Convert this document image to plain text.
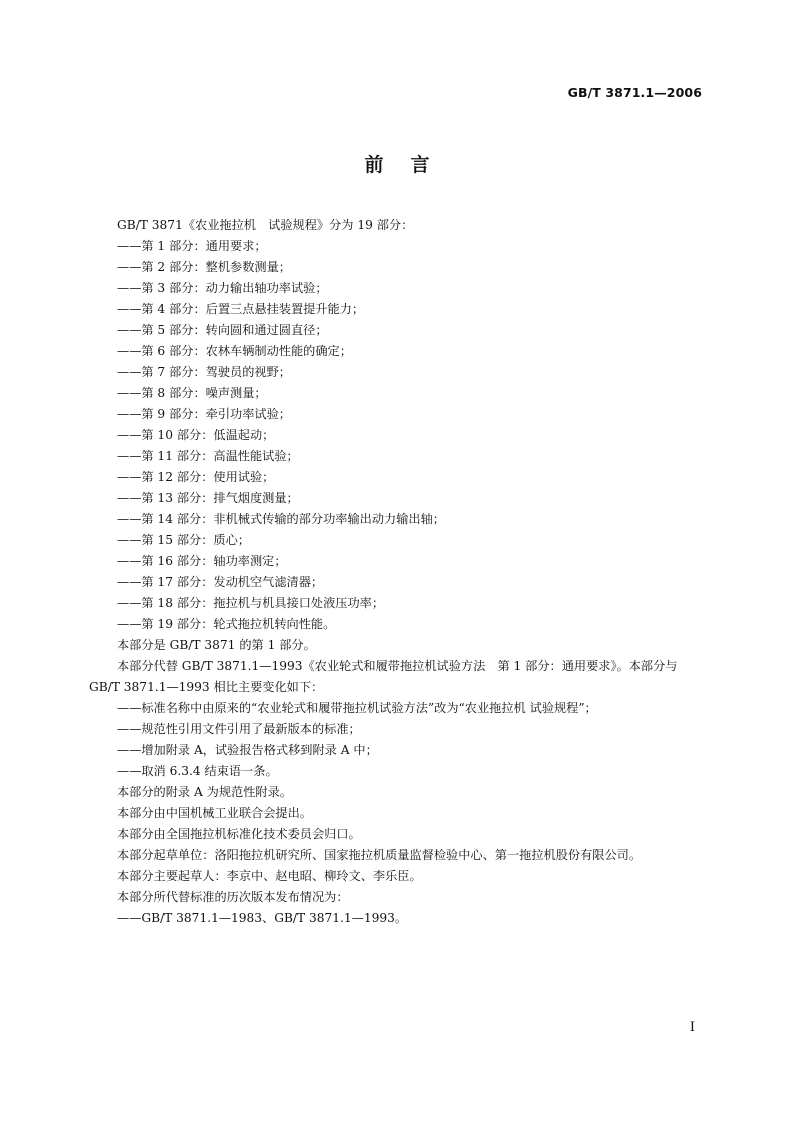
GB/T 3871.1—2006
前言

GB/T 3871《农业拖拉机　试验规程》分为 19 部分：

——第 1 部分：通用要求；

——第 2 部分：整机参数测量；

——第 3 部分：动力输出轴功率试验；

——第 4 部分：后置三点悬挂装置提升能力；

——第 5 部分：转向圆和通过圆直径；

——第 6 部分：农林车辆制动性能的确定；

——第 7 部分：驾驶员的视野；

——第 8 部分：噪声测量；

——第 9 部分：牵引功率试验；

——第 10 部分：低温起动；

——第 11 部分：高温性能试验；

——第 12 部分：使用试验；

——第 13 部分：排气烟度测量；

——第 14 部分：非机械式传输的部分功率输出动力输出轴；

——第 15 部分：质心；

——第 16 部分：轴功率测定；

——第 17 部分：发动机空气滤清器；

——第 18 部分：拖拉机与机具接口处液压功率；

——第 19 部分：轮式拖拉机转向性能。

本部分是 GB/T 3871 的第 1 部分。

本部分代替 GB/T 3871.1—1993《农业轮式和履带拖拉机试验方法　第 1 部分：通用要求》。本部分与 GB/T 3871.1—1993 相比主要变化如下：

——标准名称中由原来的“农业轮式和履带拖拉机试验方法”改为“农业拖拉机 试验规程”；

——规范性引用文件引用了最新版本的标准；

——增加附录 A，试验报告格式移到附录 A 中；

——取消 6.3.4 结束语一条。

本部分的附录 A 为规范性附录。

本部分由中国机械工业联合会提出。

本部分由全国拖拉机标准化技术委员会归口。

本部分起草单位：洛阳拖拉机研究所、国家拖拉机质量监督检验中心、第一拖拉机股份有限公司。

本部分主要起草人：李京中、赵电昭、柳玲文、李乐臣。

本部分所代替标准的历次版本发布情况为：

——GB/T 3871.1—1983、GB/T 3871.1—1993。

I
